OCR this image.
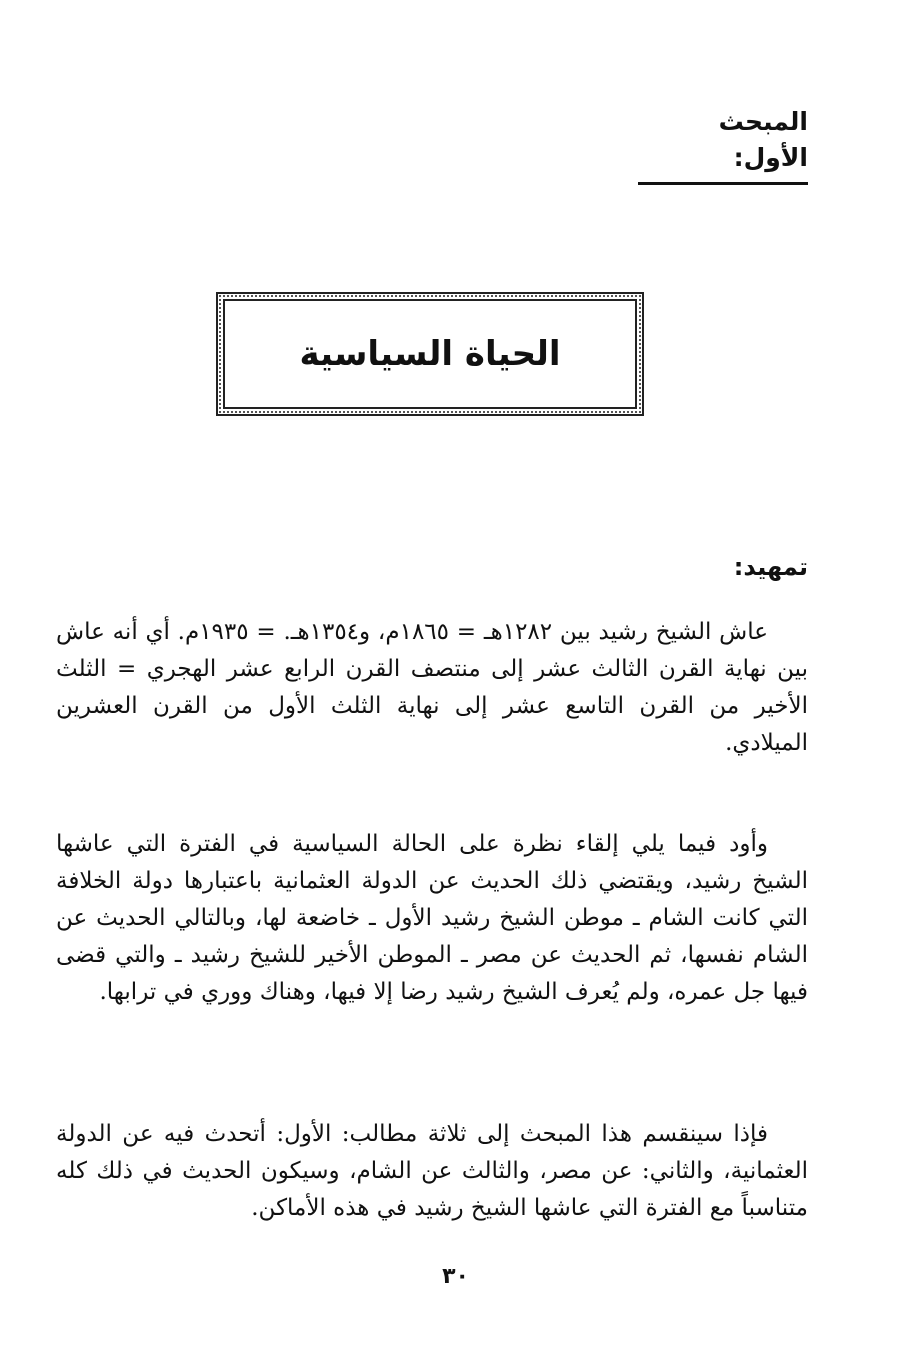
المبحث الأول:
الحياة السياسية
تمهيد:

عاش الشيخ رشيد بين ١٢٨٢هـ = ١٨٦٥م، و١٣٥٤هـ. = ١٩٣٥م. أي أنه عاش بين نهاية القرن الثالث عشر إلى منتصف القرن الرابع عشر الهجري = الثلث الأخير من القرن التاسع عشر إلى نهاية الثلث الأول من القرن العشرين الميلادي.

وأود فيما يلي إلقاء نظرة على الحالة السياسية في الفترة التي عاشها الشيخ رشيد، ويقتضي ذلك الحديث عن الدولة العثمانية باعتبارها دولة الخلافة التي كانت الشام ـ موطن الشيخ رشيد الأول ـ خاضعة لها، وبالتالي الحديث عن الشام نفسها، ثم الحديث عن مصر ـ الموطن الأخير للشيخ رشيد ـ والتي قضى فيها جل عمره، ولم يُعرف الشيخ رشيد رضا إلا فيها، وهناك ووري في ترابها.

فإذا سينقسم هذا المبحث إلى ثلاثة مطالب: الأول: أتحدث فيه عن الدولة العثمانية، والثاني: عن مصر، والثالث عن الشام، وسيكون الحديث في ذلك كله متناسباً مع الفترة التي عاشها الشيخ رشيد في هذه الأماكن.

٣٠
